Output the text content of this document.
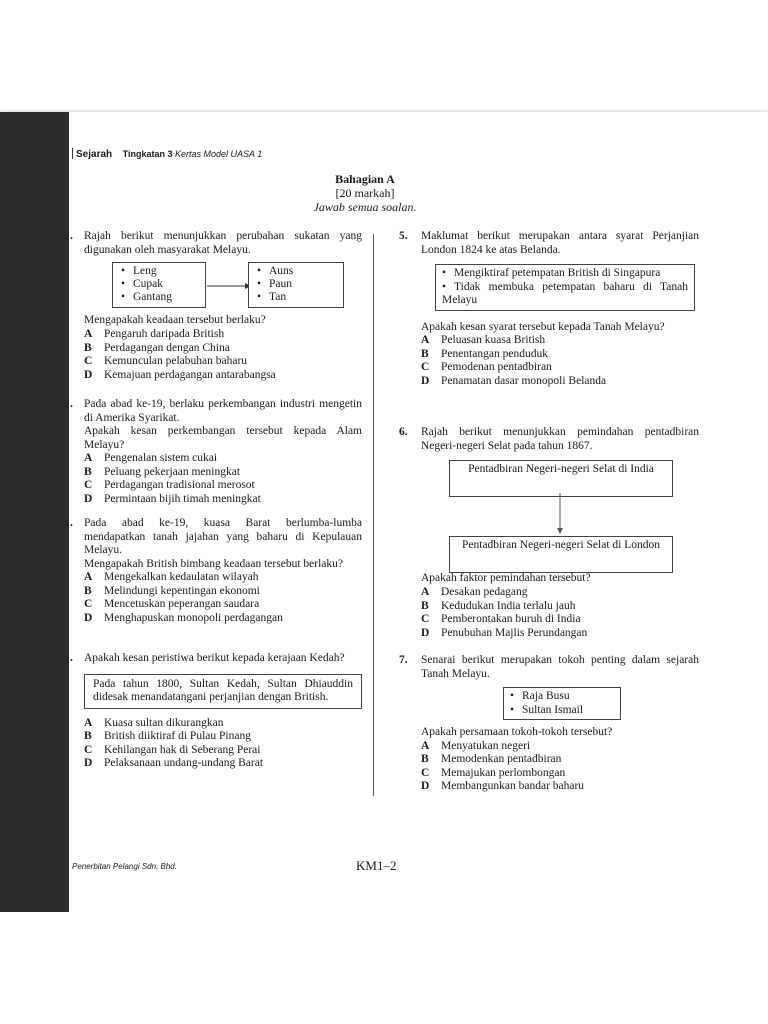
Sejarah Tingkatan 3 Kertas Model UASA 1
Bahagian A
[20 markah]
Jawab semua soalan.
. Rajah berikut menunjukkan perubahan sukatan yang digunakan oleh masyarakat Melayu.
• Leng
• Cupak
• Gantang
• Auns
• Paun
• Tan
Mengapakah keadaan tersebut berlaku?
A	Pengaruh daripada British
B	Perdagangan dengan China
C	Kemunculan pelabuhan baharu
D	Kemajuan perdagangan antarabangsa
. Pada abad ke-19, berlaku perkembangan industri mengetin di Amerika Syarikat.
Apakah kesan perkembangan tersebut kepada Alam Melayu?
A	Pengenalan sistem cukai
B	Peluang pekerjaan meningkat
C	Perdagangan tradisional merosot
D	Permintaan bijih timah meningkat
. Pada abad ke-19, kuasa Barat berlumba-lumba mendapatkan tanah jajahan yang baharu di Kepulauan Melayu.
Mengapakah British bimbang keadaan tersebut berlaku?
A	Mengekalkan kedaulatan wilayah
B	Melindungi kepentingan ekonomi
C	Mencetuskan peperangan saudara
D	Menghapuskan monopoli perdagangan
. Apakah kesan peristiwa berikut kepada kerajaan Kedah?
Pada tahun 1800, Sultan Kedah, Sultan Dhiauddin didesak menandatangani perjanjian dengan British.
A	Kuasa sultan dikurangkan
B	British diiktiraf di Pulau Pinang
C	Kehilangan hak di Seberang Perai
D	Pelaksanaan undang-undang Barat
5. Maklumat berikut merupakan antara syarat Perjanjian London 1824 ke atas Belanda.
• Mengiktiraf petempatan British di Singapura
• Tidak membuka petempatan baharu di Tanah Melayu
Apakah kesan syarat tersebut kepada Tanah Melayu?
A	Peluasan kuasa British
B	Penentangan penduduk
C	Pemodenan pentadbiran
D	Penamatan dasar monopoli Belanda
6. Rajah berikut menunjukkan pemindahan pentadbiran Negeri-negeri Selat pada tahun 1867.
Pentadbiran Negeri-negeri Selat di India
Pentadbiran Negeri-negeri Selat di London
Apakah faktor pemindahan tersebut?
A	Desakan pedagang
B	Kedudukan India terlalu jauh
C	Pemberontakan buruh di India
D	Penubuhan Majlis Perundangan
7. Senarai berikut merupakan tokoh penting dalam sejarah Tanah Melayu.
• Raja Busu
• Sultan Ismail
Apakah persamaan tokoh-tokoh tersebut?
A	Menyatukan negeri
B	Memodenkan pentadbiran
C	Memajukan perlombongan
D	Membangunkan bandar baharu
Penerbitan Pelangi Sdn. Bhd.	KM1–2
